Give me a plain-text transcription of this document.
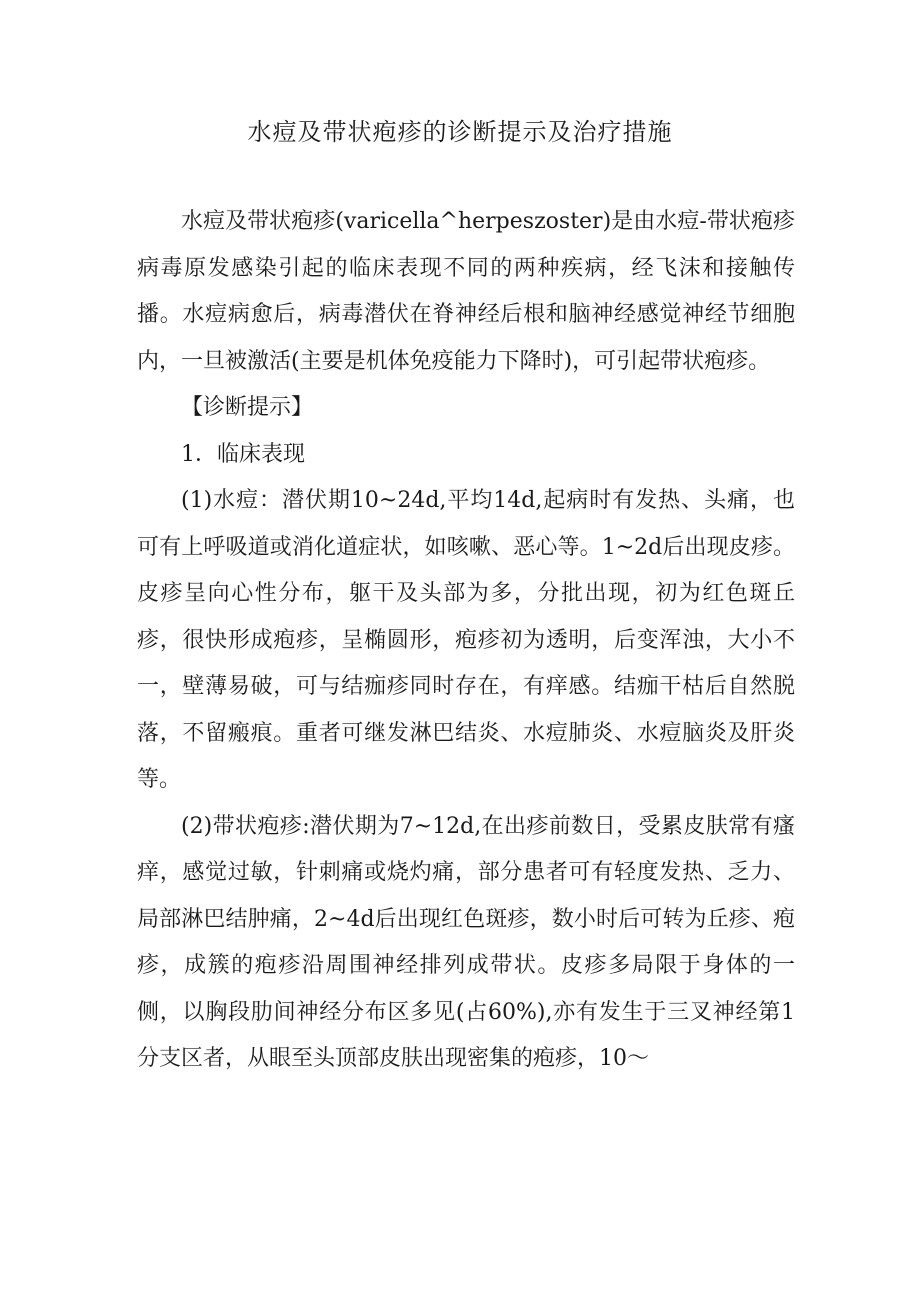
水痘及带状疱疹的诊断提示及治疗措施

水痘及带状疱疹(varicella^herpeszoster)是由水痘-带状疱疹病毒原发感染引起的临床表现不同的两种疾病，经飞沫和接触传播。水痘病愈后，病毒潜伏在脊神经后根和脑神经感觉神经节细胞内，一旦被激活(主要是机体免疫能力下降时)，可引起带状疱疹。

【诊断提示】

1．临床表现

(1)水痘：潜伏期10~24d,平均14d,起病时有发热、头痛，也可有上呼吸道或消化道症状，如咳嗽、恶心等。1~2d后出现皮疹。皮疹呈向心性分布，躯干及头部为多，分批出现，初为红色斑丘疹，很快形成疱疹，呈椭圆形，疱疹初为透明，后变浑浊，大小不一，壁薄易破，可与结痂疹同时存在，有痒感。结痂干枯后自然脱落，不留瘢痕。重者可继发淋巴结炎、水痘肺炎、水痘脑炎及肝炎等。

(2)带状疱疹:潜伏期为7~12d,在出疹前数日，受累皮肤常有瘙痒，感觉过敏，针刺痛或烧灼痛，部分患者可有轻度发热、乏力、局部淋巴结肿痛，2~4d后出现红色斑疹，数小时后可转为丘疹、疱疹，成簇的疱疹沿周围神经排列成带状。皮疹多局限于身体的一侧，以胸段肋间神经分布区多见(占60%),亦有发生于三叉神经第1分支区者，从眼至头顶部皮肤出现密集的疱疹，10～
